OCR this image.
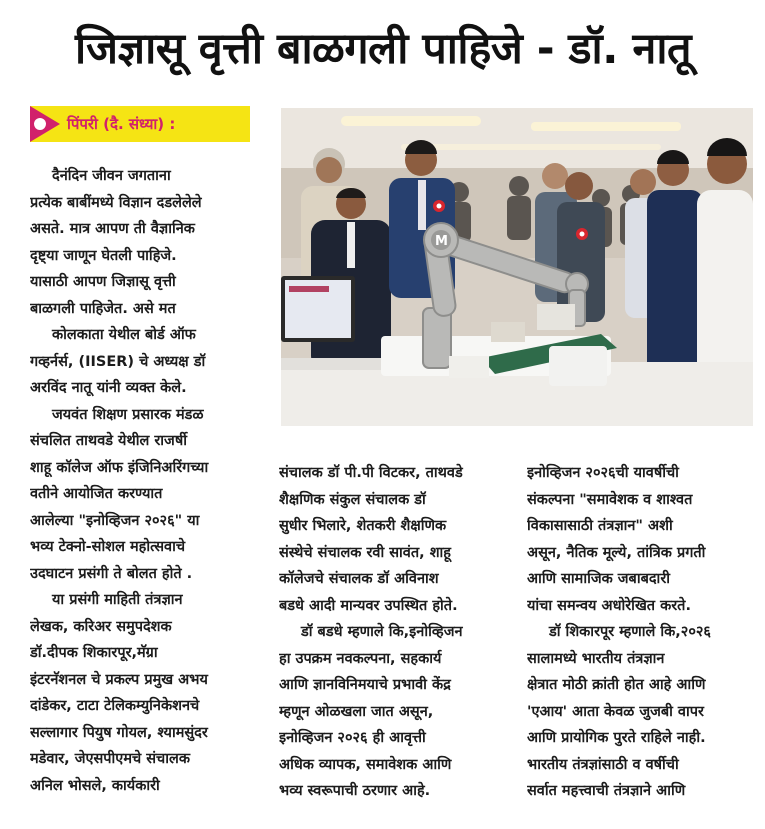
जिज्ञासू वृत्ती बाळगली पाहिजे - डॉ. नातू
पिंपरी (दै. संध्या) :

दैनंदिन जीवन जगताना

प्रत्येक बाबींमध्ये विज्ञान दडलेलेले

असते. मात्र आपण ती वैज्ञानिक

दृष्ट्या जाणून घेतली पाहिजे.

यासाठी आपण जिज्ञासू वृत्ती

बाळगली पाहिजेत. असे मत

कोलकाता येथील बोर्ड ऑफ

गव्हर्नर्स, (IISER) चे अध्यक्ष डॉ

अरविंद नातू यांनी व्यक्त केले.

जयवंत शिक्षण प्रसारक मंडळ

संचलित ताथवडे येथील राजर्षी

शाहू कॉलेज ऑफ इंजिनिअरिंगच्या

वतीने आयोजित करण्यात

आलेल्या "इनोव्हिजन २०२६" या

भव्य टेक्नो-सोशल महोत्सवाचे

उदघाटन प्रसंगी ते बोलत होते .

या प्रसंगी माहिती तंत्रज्ञान

लेखक, करिअर समुपदेशक

डॉ.दीपक शिकारपूर,मॅग्रा

इंटरनॅशनल चे प्रकल्प प्रमुख अभय

दांडेकर, टाटा टेलिकम्युनिकेशनचे

सल्लागार पियुष गोयल, श्यामसुंदर

मडेवार, जेएसपीएमचे संचालक

अनिल भोसले, कार्यकारी

M

संचालक डॉ पी.पी विटकर, ताथवडे

शैक्षणिक संकुल संचालक डॉ

सुधीर भिलारे, शेतकरी शैक्षणिक

संस्थेचे संचालक रवी सावंत, शाहू

कॉलेजचे संचालक डॉ अविनाश

बडधे आदी मान्यवर उपस्थित होते.

डॉ बडधे म्हणाले कि,इनोव्हिजन

हा उपक्रम नवकल्पना, सहकार्य

आणि ज्ञानविनिमयाचे प्रभावी केंद्र

म्हणून ओळखला जात असून,

इनोव्हिजन २०२६ ही आवृत्ती

अधिक व्यापक, समावेशक आणि

भव्य स्वरूपाची ठरणार आहे.

इनोव्हिजन २०२६ची यावर्षीची

संकल्पना "समावेशक व शाश्वत

विकासासाठी तंत्रज्ञान" अशी

असून, नैतिक मूल्ये, तांत्रिक प्रगती

आणि सामाजिक जबाबदारी

यांचा समन्वय अधोरेखित करते.

डॉ शिकारपूर म्हणाले कि,२०२६

सालामध्ये भारतीय तंत्रज्ञान

क्षेत्रात मोठी क्रांती होत आहे आणि

'एआय' आता केवळ जुजबी वापर

आणि प्रायोगिक पुरते राहिले नाही.

भारतीय तंत्रज्ञांसाठी व वर्षीची

सर्वात महत्त्वाची तंत्रज्ञाने आणि
